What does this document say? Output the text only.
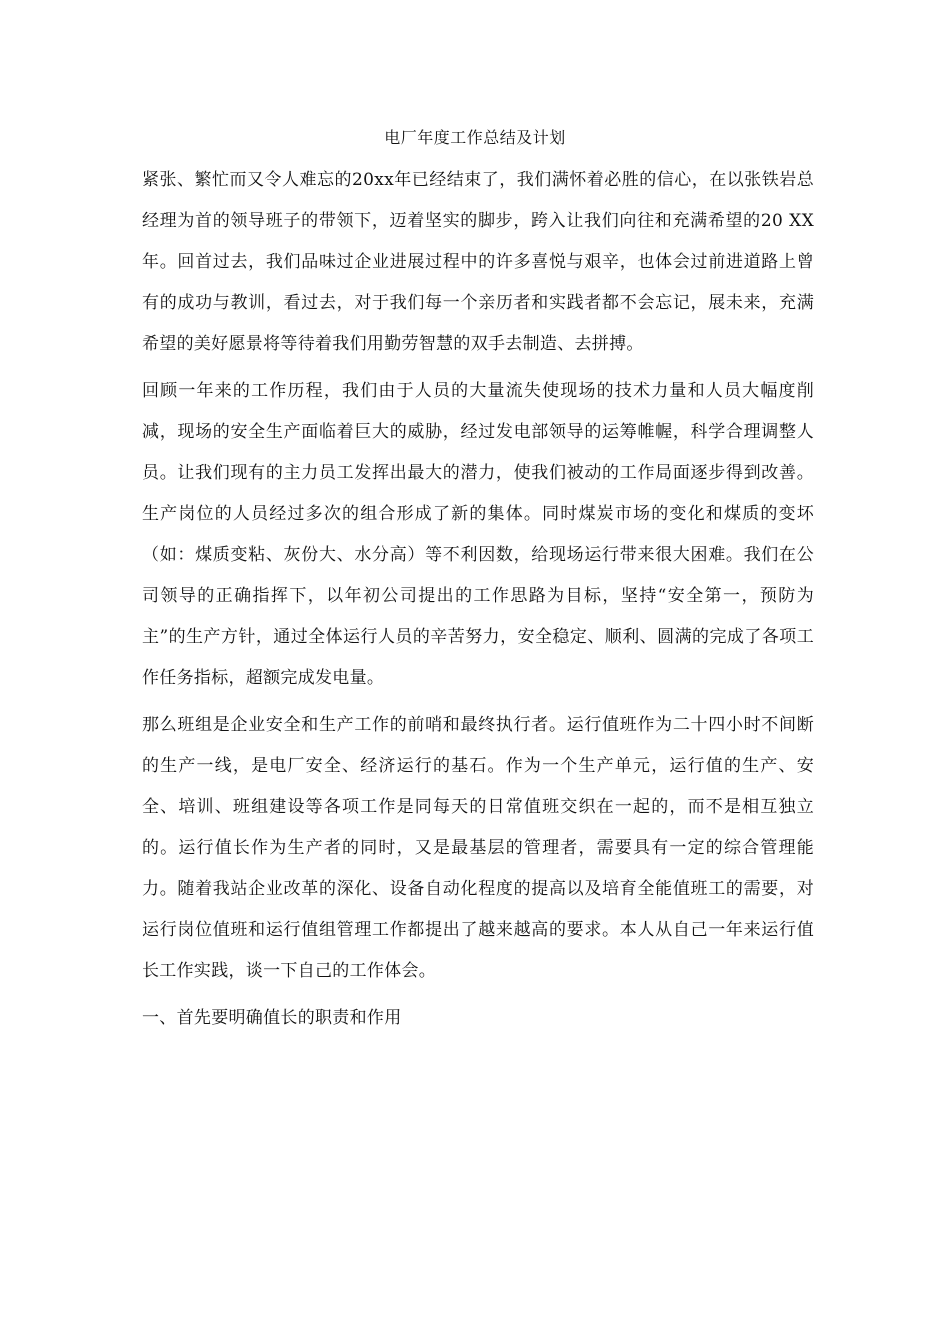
电厂年度工作总结及计划

紧张、繁忙而又令人难忘的20xx年已经结束了，我们满怀着必胜的信心，在以张铁岩总经理为首的领导班子的带领下，迈着坚实的脚步，跨入让我们向往和充满希望的20 XX年。回首过去，我们品味过企业进展过程中的许多喜悦与艰辛，也体会过前进道路上曾有的成功与教训，看过去，对于我们每一个亲历者和实践者都不会忘记，展未来，充满希望的美好愿景将等待着我们用勤劳智慧的双手去制造、去拼搏。

回顾一年来的工作历程，我们由于人员的大量流失使现场的技术力量和人员大幅度削减，现场的安全生产面临着巨大的威胁，经过发电部领导的运筹帷幄，科学合理调整人员。让我们现有的主力员工发挥出最大的潜力，使我们被动的工作局面逐步得到改善。生产岗位的人员经过多次的组合形成了新的集体。同时煤炭市场的变化和煤质的变坏（如：煤质变粘、灰份大、水分高）等不利因数，给现场运行带来很大困难。我们在公司领导的正确指挥下，以年初公司提出的工作思路为目标，坚持“安全第一，预防为主”的生产方针，通过全体运行人员的辛苦努力，安全稳定、顺利、圆满的完成了各项工作任务指标，超额完成发电量。

那么班组是企业安全和生产工作的前哨和最终执行者。运行值班作为二十四小时不间断的生产一线，是电厂安全、经济运行的基石。作为一个生产单元，运行值的生产、安全、培训、班组建设等各项工作是同每天的日常值班交织在一起的，而不是相互独立的。运行值长作为生产者的同时，又是最基层的管理者，需要具有一定的综合管理能力。随着我站企业改革的深化、设备自动化程度的提高以及培育全能值班工的需要，对运行岗位值班和运行值组管理工作都提出了越来越高的要求。本人从自己一年来运行值长工作实践，谈一下自己的工作体会。

一、首先要明确值长的职责和作用
